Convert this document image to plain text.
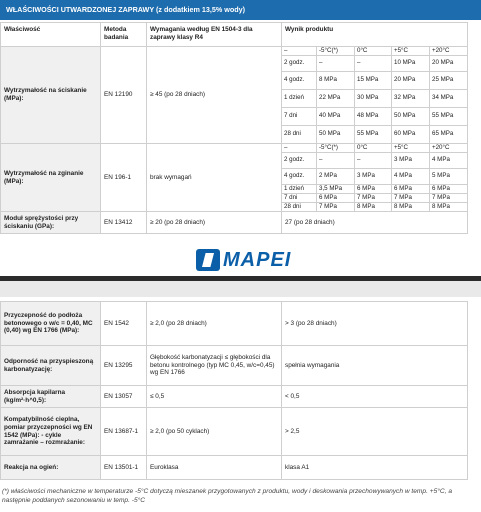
WŁAŚCIWOŚCI UTWARDZONEJ ZAPRAWY (z dodatkiem 13,5% wody)
Właściwość	Metoda badania	Wymagania według EN 1504-3 dla zaprawy klasy R4	Wynik produktu				
Wytrzymałość na ściskanie (MPa):	EN 12190	≥ 45 (po 28 dniach)	–	-5°C(*)	0°C	+5°C	+20°C
			2 godz.	–	–	10 MPa	20 MPa
			4 godz.	8 MPa	15 MPa	20 MPa	25 MPa
			1 dzień	22 MPa	30 MPa	32 MPa	34 MPa
			7 dni	40 MPa	48 MPa	50 MPa	55 MPa
			28 dni	50 MPa	55 MPa	60 MPa	65 MPa
Wytrzymałość na zginanie (MPa):	EN 196-1	brak wymagań	–	-5°C(*)	0°C	+5°C	+20°C
			2 godz.	–	–	3 MPa	4 MPa
			4 godz.	2 MPa	3 MPa	4 MPa	5 MPa
			1 dzień	3,5 MPa	6 MPa	6 MPa	6 MPa
			7 dni	6 MPa	7 MPa	7 MPa	7 MPa
			28 dni	7 MPa	8 MPa	8 MPa	8 MPa
Moduł sprężystości przy ściskaniu (GPa):	EN 13412	≥ 20 (po 28 dniach)	27 (po 28 dniach)				
MAPEI
Przyczepność do podłoża betonowego o w/c = 0,40, MC (0,40) wg EN 1766 (MPa):	EN 1542	≥ 2,0 (po 28 dniach)	> 3 (po 28 dniach)
Odporność na przyspieszoną karbonatyzację:	EN 13295	Głębokość karbonatyzacji ≤ głębokości dla betonu kontrolnego (typ MC 0,45, w/c=0,45) wg EN 1766	spełnia wymagania
Absorpcja kapilarna (kg/m²·h^0,5):	EN 13057	≤ 0,5	< 0,5
Kompatybilność cieplna, pomiar przyczepności wg EN 1542 (MPa): - cykle zamrażanie – rozmrażanie:	EN 13687-1	≥ 2,0 (po 50 cyklach)	> 2,5
Reakcja na ogień:	EN 13501-1	Euroklasa	klasa A1
(*) właściwości mechaniczne w temperaturze -5°C dotyczą mieszanek przygotowanych z produktu, wody i deskowania przechowywanych w temp. +5°C, a następnie poddanych sezonowaniu w temp. -5°C
